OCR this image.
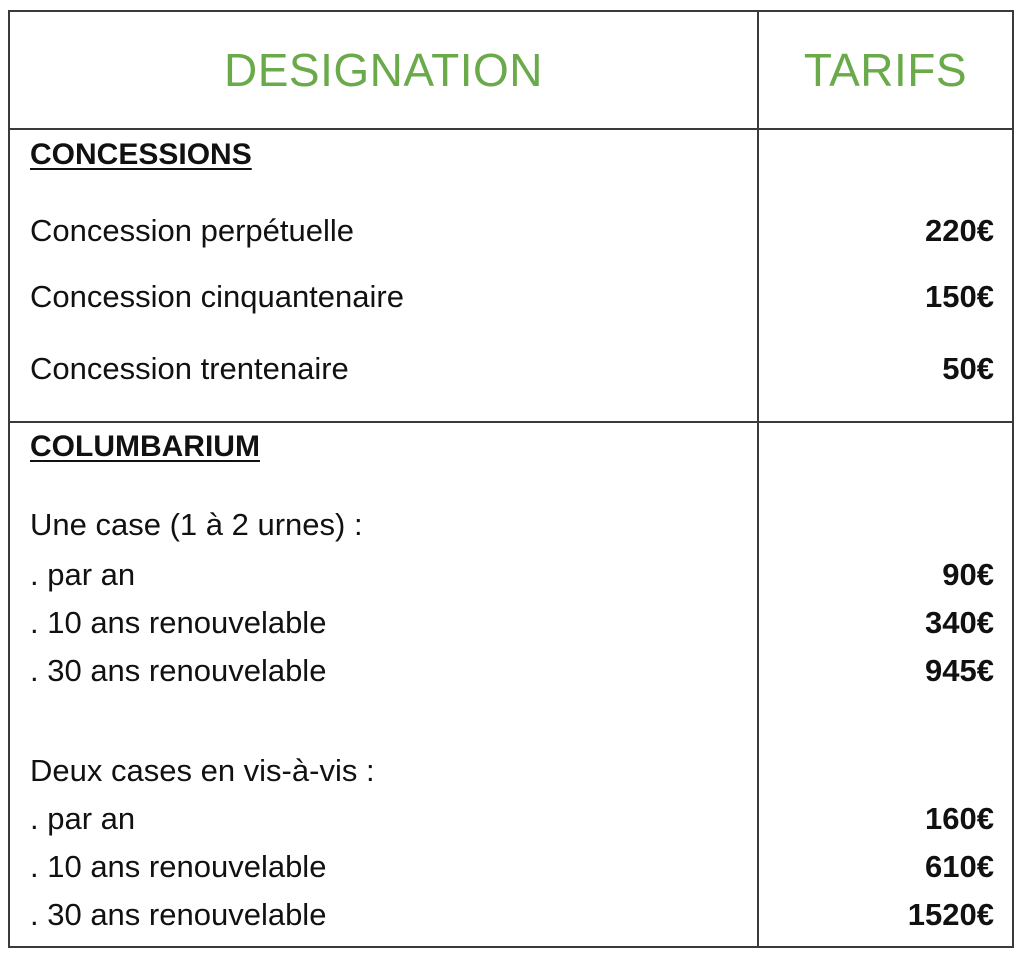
DESIGNATION	TARIFS
CONCESSIONS
Concession perpétuelle	220€
Concession cinquantenaire	150€
Concession trentenaire	50€
COLUMBARIUM
Une case (1 à 2 urnes) :
. par an	90€
. 10 ans renouvelable	340€
. 30 ans renouvelable	945€
Deux cases en vis-à-vis :
. par an	160€
. 10 ans renouvelable	610€
. 30 ans renouvelable	1520€
